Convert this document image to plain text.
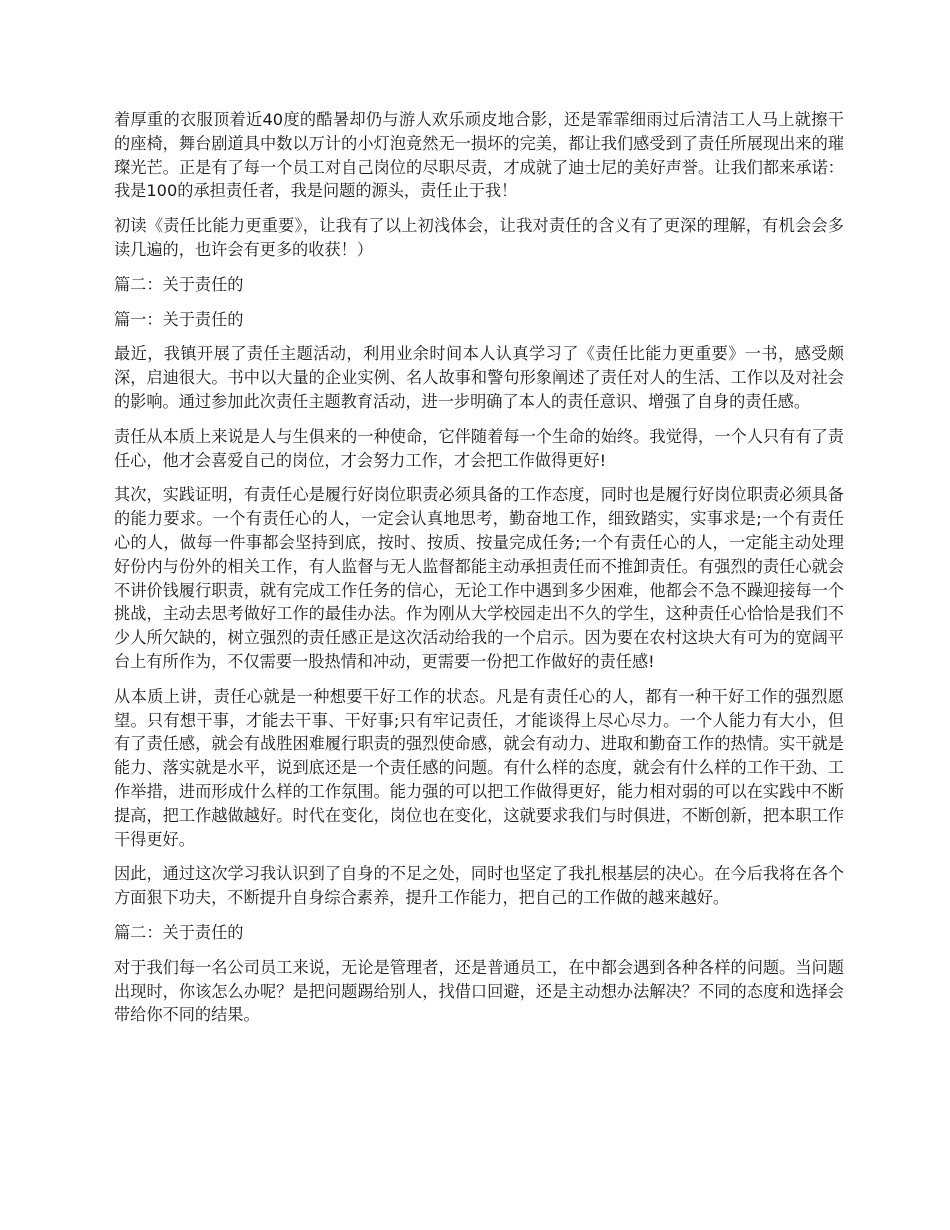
着厚重的衣服顶着近40度的酷暑却仍与游人欢乐顽皮地合影，还是霏霏细雨过后清洁工人马上就擦干的座椅，舞台剧道具中数以万计的小灯泡竟然无一损坏的完美，都让我们感受到了责任所展现出来的璀璨光芒。正是有了每一个员工对自己岗位的尽职尽责，才成就了迪士尼的美好声誉。让我们都来承诺：我是100的承担责任者，我是问题的源头，责任止于我！

初读《责任比能力更重要》，让我有了以上初浅体会，让我对责任的含义有了更深的理解，有机会会多读几遍的，也许会有更多的收获！）

篇二：关于责任的

篇一：关于责任的

最近，我镇开展了责任主题活动，利用业余时间本人认真学习了《责任比能力更重要》一书，感受颇深，启迪很大。书中以大量的企业实例、名人故事和警句形象阐述了责任对人的生活、工作以及对社会的影响。通过参加此次责任主题教育活动，进一步明确了本人的责任意识、增强了自身的责任感。

责任从本质上来说是人与生俱来的一种使命，它伴随着每一个生命的始终。我觉得，一个人只有有了责任心，他才会喜爱自己的岗位，才会努力工作，才会把工作做得更好!

其次，实践证明，有责任心是履行好岗位职责必须具备的工作态度，同时也是履行好岗位职责必须具备的能力要求。一个有责任心的人，一定会认真地思考，勤奋地工作，细致踏实，实事求是;一个有责任心的人，做每一件事都会坚持到底，按时、按质、按量完成任务;一个有责任心的人，一定能主动处理好份内与份外的相关工作，有人监督与无人监督都能主动承担责任而不推卸责任。有强烈的责任心就会不讲价钱履行职责，就有完成工作任务的信心，无论工作中遇到多少困难，他都会不急不躁迎接每一个挑战，主动去思考做好工作的最佳办法。作为刚从大学校园走出不久的学生，这种责任心恰恰是我们不少人所欠缺的，树立强烈的责任感正是这次活动给我的一个启示。因为要在农村这块大有可为的宽阔平台上有所作为，不仅需要一股热情和冲动，更需要一份把工作做好的责任感!

从本质上讲，责任心就是一种想要干好工作的状态。凡是有责任心的人，都有一种干好工作的强烈愿望。只有想干事，才能去干事、干好事;只有牢记责任，才能谈得上尽心尽力。一个人能力有大小，但有了责任感，就会有战胜困难履行职责的强烈使命感，就会有动力、进取和勤奋工作的热情。实干就是能力、落实就是水平，说到底还是一个责任感的问题。有什么样的态度，就会有什么样的工作干劲、工作举措，进而形成什么样的工作氛围。能力强的可以把工作做得更好，能力相对弱的可以在实践中不断提高，把工作越做越好。时代在变化，岗位也在变化，这就要求我们与时俱进，不断创新，把本职工作干得更好。

因此，通过这次学习我认识到了自身的不足之处，同时也坚定了我扎根基层的决心。在今后我将在各个方面狠下功夫，不断提升自身综合素养，提升工作能力，把自己的工作做的越来越好。

篇二：关于责任的

对于我们每一名公司员工来说，无论是管理者，还是普通员工，在中都会遇到各种各样的问题。当问题出现时，你该怎么办呢？是把问题踢给别人，找借口回避，还是主动想办法解决？不同的态度和选择会带给你不同的结果。
